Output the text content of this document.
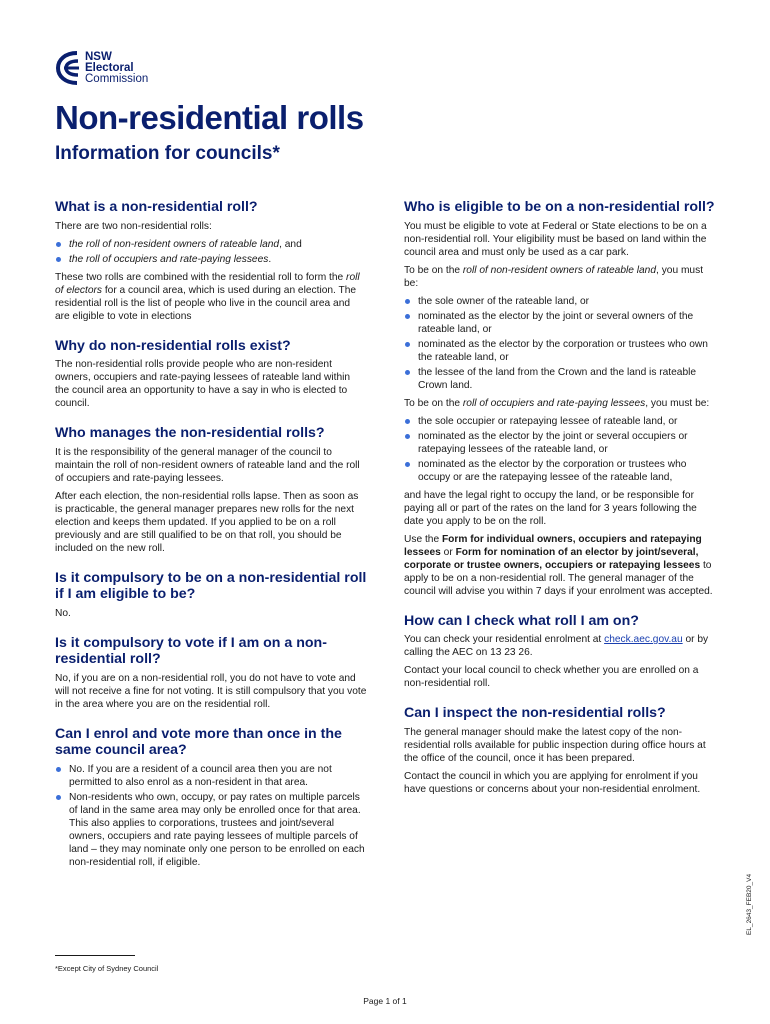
NSW
Electoral
Commission
Non-residential rolls
Information for councils*
What is a non-residential roll?

There are two non-residential rolls:

the roll of non-resident owners of rateable land, and
the roll of occupiers and rate-paying lessees.

These two rolls are combined with the residential roll to form the roll of electors for a council area, which is used during an election. The residential roll is the list of people who live in the council area and are eligible to vote in elections

Why do non-residential rolls exist?

The non-residential rolls provide people who are non-resident owners, occupiers and rate-paying lessees of rateable land within the council area an opportunity to have a say in who is elected to council.

Who manages the non-residential rolls?

It is the responsibility of the general manager of the council to maintain the roll of non-resident owners of rateable land and the roll of occupiers and rate-paying lessees.

After each election, the non-residential rolls lapse. Then as soon as is practicable, the general manager prepares new rolls for the next election and keeps them updated. If you applied to be on a roll previously and are still qualified to be on that roll, you should be included on the new roll.

Is it compulsory to be on a non-residential roll if I am eligible to be?

No.

Is it compulsory to vote if I am on a non-residential roll?

No, if you are on a non-residential roll, you do not have to vote and will not receive a fine for not voting. It is still compulsory that you vote in the area where you are on the residential roll.

Can I enrol and vote more than once in the same council area?
No. If you are a resident of a council area then you are not permitted to also enrol as a non-resident in that area.
Non-residents who own, occupy, or pay rates on multiple parcels of land in the same area may only be enrolled once for that area. This also applies to corporations, trustees and joint/several owners, occupiers and rate paying lessees of multiple parcels of land – they may nominate only one person to be enrolled on each non-residential roll, if eligible.
Who is eligible to be on a non-residential roll?

You must be eligible to vote at Federal or State elections to be on a non-residential roll. Your eligibility must be based on land within the council area and must only be used as a car park.

To be on the roll of non-resident owners of rateable land, you must be:

the sole owner of the rateable land, or
nominated as the elector by the joint or several owners of the rateable land, or
nominated as the elector by the corporation or trustees who own the rateable land, or
the lessee of the land from the Crown and the land is rateable Crown land.

To be on the roll of occupiers and rate-paying lessees, you must be:

the sole occupier or ratepaying lessee of rateable land, or
nominated as the elector by the joint or several occupiers or ratepaying lessees of the rateable land, or
nominated as the elector by the corporation or trustees who occupy or are the ratepaying lessee of the rateable land,

and have the legal right to occupy the land, or be responsible for paying all or part of the rates on the land for 3 years following the date you apply to be on the roll.

Use the Form for individual owners, occupiers and ratepaying lessees or Form for nomination of an elector by joint/several, corporate or trustee owners, occupiers or ratepaying lessees to apply to be on a non-residential roll. The general manager of the council will advise you within 7 days if your enrolment was accepted.

How can I check what roll I am on?

You can check your residential enrolment at check.aec.gov.au or by calling the AEC on 13 23 26.

Contact your local council to check whether you are enrolled on a non-residential roll.

Can I inspect the non-residential rolls?

The general manager should make the latest copy of the non-residential rolls available for public inspection during office hours at the office of the council, once it has been prepared.

Contact the council in which you are applying for enrolment if you have questions or concerns about your non-residential enrolment.

EL_2643_FEB20_V4
*Except City of Sydney Council
Page 1 of 1
